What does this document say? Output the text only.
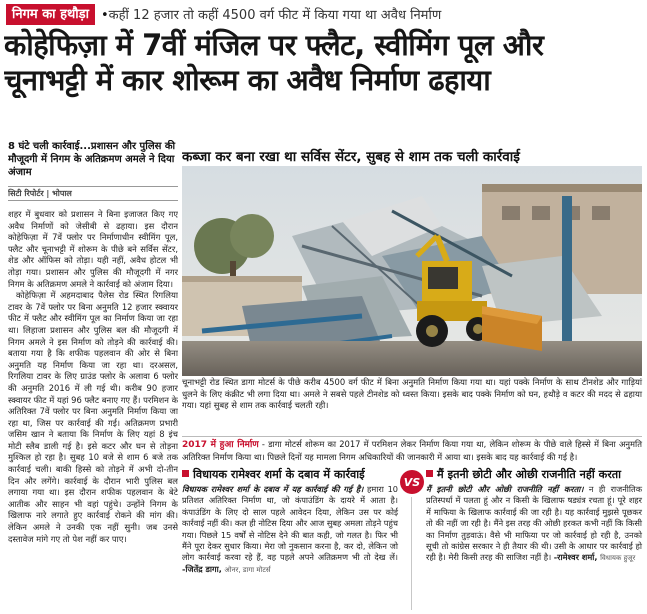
निगम का हथौड़ा
•	कहीं 12 हजार तो कहीं 4500 वर्ग फीट में किया गया था अवैध निर्माण
कोहेफिज़ा में 7वीं मंजिल पर फ्लैट, स्वीमिंग पूल और
चूनाभट्टी में कार शोरूम का अवैध निर्माण ढहाया
8 घंटे चली कार्रवाई...प्रशासन और पुलिस की मौजूदगी में निगम के अतिक्रमण अमले ने दिया अंजाम
सिटी रिपोर्टर | भोपाल

शहर में बुधवार को प्रशासन ने बिना इजाजत किए गए अवैध निर्माणों को जेसीबी से ढहाया। इस दौरान कोहेफिज़ा में 7वें फ्लोर पर निर्माणाधीन स्वीमिंग पूल, फ्लैट और चूनाभट्टी में शोरूम के पीछे बने सर्विस सेंटर, शेड और ऑफिस को तोड़ा। यही नहीं, अवैध होटल भी तोड़ा गया। प्रशासन और पुलिस की मौजूदगी में नगर निगम के अतिक्रमण अमले ने कार्रवाई को अंजाम दिया।

कोहेफिज़ा में अहमदाबाद पैलेस रोड स्थित रिगलिया टावर के 7वें फ्लोर पर बिना अनुमति 12 हजार स्क्वायर फीट में फ्लैट और स्वीमिंग पूल का निर्माण किया जा रहा था। लिहाजा प्रशासन और पुलिस बल की मौजूदगी में निगम अमले ने इस निर्माण को तोड़ने की कार्रवाई की। बताया गया है कि शफीक पहलवान की ओर से बिना अनुमति यह निर्माण किया जा रहा था। दरअसल, रिगलिया टावर के लिए ग्राउंड फ्लोर के अलावा 6 फ्लोर की अनुमति 2016 में ली गई थी। करीब 90 हजार स्क्वायर फीट में यहां 96 फ्लैट बनाए गए हैं। परमिशन के अतिरिक्त 7वें फ्लोर पर बिना अनुमति निर्माण किया जा रहा था, जिस पर कार्रवाई की गई। अतिक्रमण प्रभारी जसिम खान ने बताया कि निर्माण के लिए यहां 8 इंच मोटी स्लैब डाली गई है। इसे कटर और घन से तोड़ना मुश्किल हो रहा है। सुबह 10 बजे से शाम 6 बजे तक कार्रवाई चली। बाकी हिस्से को तोड़ने में अभी दो-तीन दिन और लगेंगे। कार्रवाई के दौरान भारी पुलिस बल लगाया गया था। इस दौरान शफीक पहलवान के बेटे आतीक और साहन भी वहां पहुंचे। उन्होंने निगम के खिलाफ नारे लगाते हुए कार्रवाई रोकने की मांग की। लेकिन अमले ने उनकी एक नहीं सुनी। जब उनसे दस्तावेज मांगे गए तो पेश नहीं कर पाए।

कब्जा कर बना रखा था सर्विस सेंटर, सुबह से शाम तक चली कार्रवाई

चूनाभट्टी रोड स्थित डागा मोटर्स के पीछे करीब 4500 वर्ग फीट में बिना अनुमति निर्माण किया गया था। यहां पक्के निर्माण के साथ टीनशेड और गाड़ियां धुलने के लिए कंक्रीट भी लगा दिया था। अमले ने सबसे पहले टीनशेड को ध्वस्त किया। इसके बाद पक्के निर्माण को घन, हथौड़े व कटर की मदद से ढहाया गया। यहां सुबह से शाम तक कार्रवाई चलती रही।

2017 में हुआ निर्माण - डागा मोटर्स शोरूम का 2017 में परमिशन लेकर निर्माण किया गया था, लेकिन शोरूम के पीछे वाले हिस्से में बिना अनुमति अतिरिक्त निर्माण किया था। पिछले दिनों यह मामला निगम अधिकारियों की जानकारी में आया था। इसके बाद यह कार्रवाई की गई है।

विधायक रामेश्वर शर्मा के दबाव में कार्रवाई

विधायक रामेश्वर शर्मा के दबाव में यह कार्रवाई की गई है। हमारा 10 प्रतिशत अतिरिक्त निर्माण था, जो कंपाउंडिंग के दायरे में आता है। कंपाउंडिंग के लिए दो साल पहले आवेदन दिया, लेकिन उस पर कोई कार्रवाई नहीं की। कल ही नोटिस दिया और आज सुबह अमला तोड़ने पहुंच गया। पिछले 15 वर्षों से नोटिस देने की बात कही, जो गलत है। फिर भी मैंने पूरा देकर सुधार किया। मेरा जो नुकसान करना है, कर दो, लेकिन जो लोग कार्रवाई करवा रहे हैं, वह पहले अपने अतिक्रमण भी तो देख लें। -जितेंद्र डागा, ओनर, डागा मोटर्स

VS
मैं इतनी छोटी और ओछी राजनीति नहीं करता

मैं इतनी छोटी और ओछी राजनीति नहीं करता। न ही राजनीतिक प्रतिस्पर्धा में पलता हूं और न किसी के खिलाफ षड्यंत्र रचता हूं। पूरे शहर में माफिया के खिलाफ कार्रवाई की जा रही है। यह कार्रवाई मुझसे पूछकर तो की नहीं जा रही है। मैंने इस तरह की ओछी हरकत कभी नहीं कि किसी का निर्माण तुड़वाऊं। वैसे भी माफिया पर जो कार्रवाई हो रही है, उनको सूची तो कांग्रेस सरकार ने ही तैयार की थी। उसी के आधार पर कार्रवाई हो रही है। मेरी किसी तरह की साजिश नहीं है। -रामेश्वर शर्मा, विधायक हुजूर
